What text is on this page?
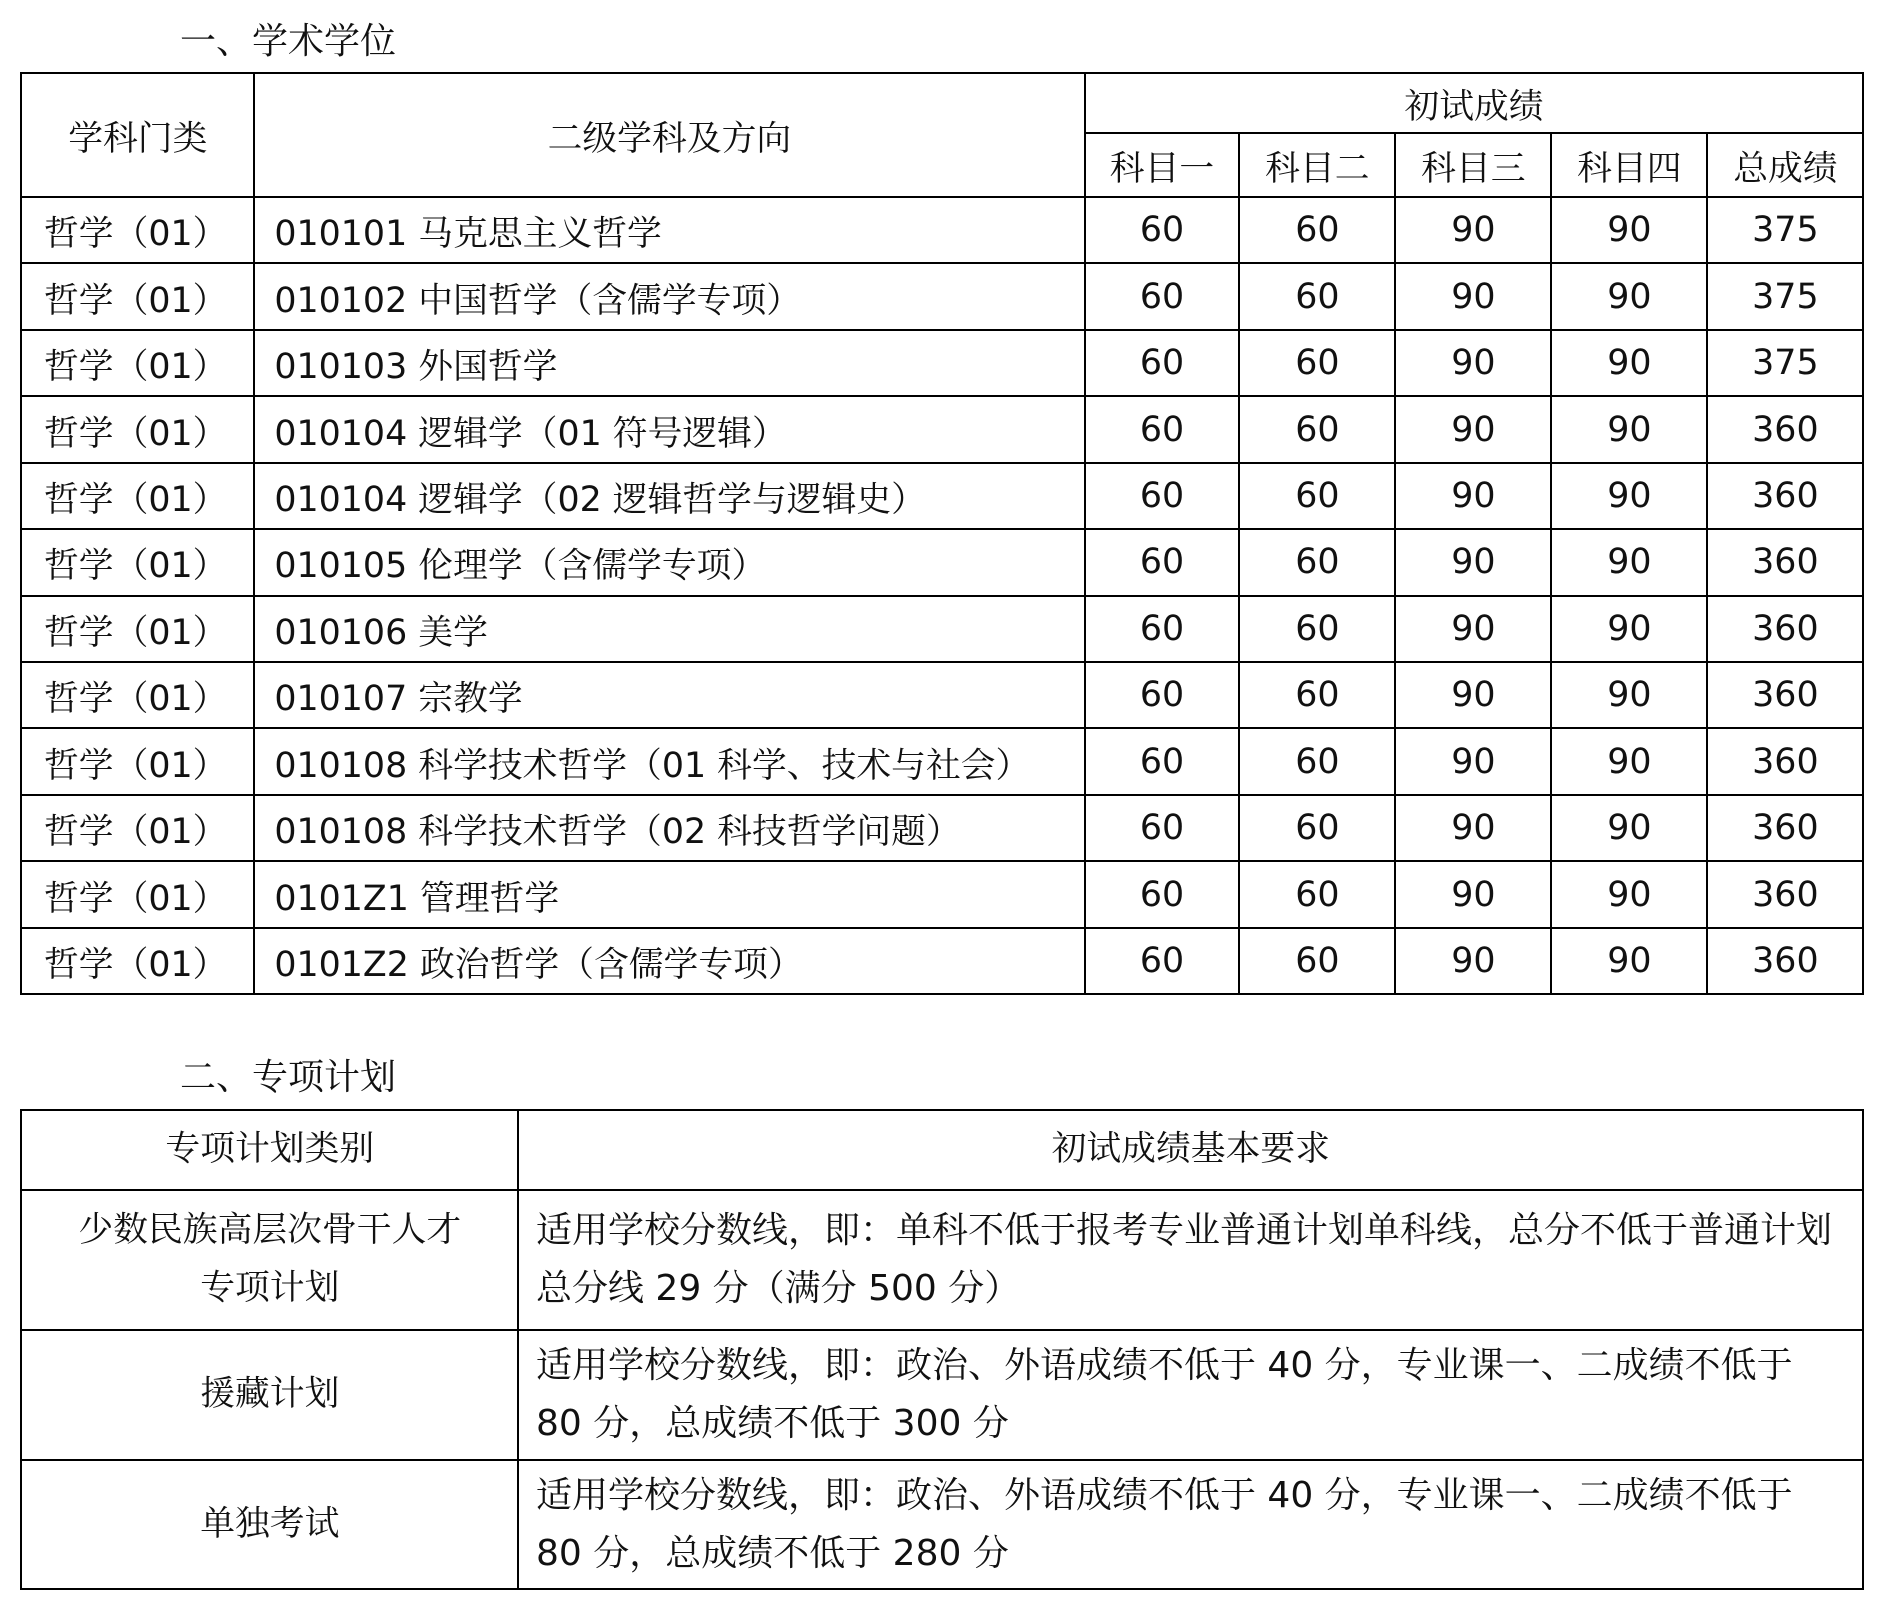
一、学术学位
学科门类	二级学科及方向	初试成绩				
		科目一	科目二	科目三	科目四	总成绩
哲学（01）	010101 马克思主义哲学	60	60	90	90	375
哲学（01）	010102 中国哲学（含儒学专项）	60	60	90	90	375
哲学（01）	010103 外国哲学	60	60	90	90	375
哲学（01）	010104 逻辑学（01 符号逻辑）	60	60	90	90	360
哲学（01）	010104 逻辑学（02 逻辑哲学与逻辑史）	60	60	90	90	360
哲学（01）	010105 伦理学（含儒学专项）	60	60	90	90	360
哲学（01）	010106 美学	60	60	90	90	360
哲学（01）	010107 宗教学	60	60	90	90	360
哲学（01）	010108 科学技术哲学（01 科学、技术与社会）	60	60	90	90	360
哲学（01）	010108 科学技术哲学（02 科技哲学问题）	60	60	90	90	360
哲学（01）	0101Z1 管理哲学	60	60	90	90	360
哲学（01）	0101Z2 政治哲学（含儒学专项）	60	60	90	90	360
二、专项计划
专项计划类别	初试成绩基本要求
少数民族高层次骨干人才专项计划	适用学校分数线，即：单科不低于报考专业普通计划单科线，总分不低于普通计划总分线 29 分（满分 500 分）
援藏计划	适用学校分数线，即：政治、外语成绩不低于 40 分，专业课一、二成绩不低于 80 分，总成绩不低于 300 分
单独考试	适用学校分数线，即：政治、外语成绩不低于 40 分，专业课一、二成绩不低于 80 分，总成绩不低于 280 分
